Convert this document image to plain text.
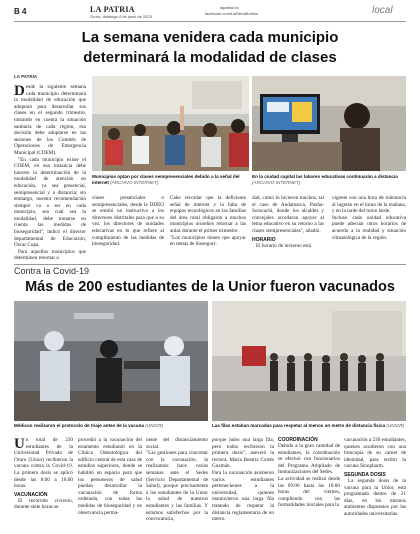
B 4	LA PATRIA
Oruro, domingo 4 de junio de 2023
lapatria.bo
facebook.com/LaPatriaBolivia	local
La semana venidera cada municipio
determinará la modalidad de clases
LA PATRIA
Desde la siguiente semana cada municipio determinará la modalidad de educación que adoptará para desarrollar sus clases en el segundo trimestre, tomando en cuenta la situación sanitaria de cada región, esa decisión debe adoptarse en las sesiones de los Comités de Operaciones de Emergencia Municipal (COEM).
"En cada municipio existe el COEM, en esa instancia debe hacerse la determinación de la modalidad de atención en educación, ya sea presencial, semipresencial y a distancia; sin embargo, nuestra recomendación siempre va a ser en cada municipio, sea cual sea la modalidad, debe tomarse en cuenta las medidas de bioseguridad", indicó el director departamental de Educación, Óscar Cupa.
Para aquellos municipios que determinen retornar a
Municipios optan por clases semipresenciales debido a la señal del internet (ARCHIVO INTERNET)
En la ciudad capital las labores educativas continuarán a distancia (ARCHIVO INTERNET)
clases presenciales o semipresenciales, desde la DDEO se emitió un instructivo a los directores distritales para que a su vez, los directores de unidades educativas en lo que refiere al cumplimiento de las medidas de bioseguridad.
Cabe recordar que la deficiente señal de internet y la falta de equipos tecnológicos en las familias del área rural obligaron a muchos municipios orureños retornar a las aulas durante el primer trimestre.
"Los municipios tienen que apoyar en temas de bioseguri-
dad, como lo hicieron muchos, tal el caso de Andamarca, Pazña-Soracachi, donde los alcaldes y concejales acordaron apoyar al tema educativo en su retorno a las clases semipresenciales", añadió.
HORARIO
El horario de invierno está
vigente con una hora de tolerancia al ingreso en el turno de la mañana, y en la tarde del turno tarde.
Incluso cada unidad educativa puede adecuar otros horarios de acuerdo a la realidad y situación climatológica de la región.
Contra la Covid-19
Más de 200 estudiantes de la Unior fueron vacunados
Médicos realizaron el protocolo de triaje antes de la vacuna (UNIOR)	Las filas estaban marcadas para respetar al menos un metro de distancia física (UNIOR)
Un total de 230 estudiantes de la Universidad Privada de Oruro (Unior) recibieron la vacuna contra la Covid-19. La primera dosis se aplicó desde las 8:00 a 16:00 horas.
VACUNACIÓN
El recorrido vivieron, durante siete horas se
procedió a la vacunación del estamento estudiantil en la Clínica Odontológica del edificio central de esta casa de estudios superiores, donde se habilitó un espacio para que los personeros de salud puedan desarrollar la vacunación de forma ordenada, con todas las medidas de bioseguridad y en observancia perma-
nente del distanciamiento social.
"Las gestiones para concretar con la vacunación, la realizamos hace varias semanas ante el Sedes (Servicio Departamental de Salud), porque precisamente a los estudiantes de la Unior la salud de nuestros estudiantes y las familias. Y estamos satisfechos por la convocatoria,
porque hubo una larga fila, pero todos recibieron la primera dosis", aseveró la rectora, María Beatriz Cortés Guzmán.
Para la vacunación asistieron varios estudiantes pertenecientes a la universidad, quienes mantuvieron una larga fila tratando de respetar la distancia reglamentaria de un metro.
COORDINACIÓN
Debido a la gran cantidad de estudiantes, la coordinación se efectuó con funcionarios del Programa Ampliado de Inmunizaciones del Sedes.
La actividad se realizó desde las 09:00 hasta las 16:00 horas del viernes, cumpliendo con las formalidades iniciales para la
vacunación a 230 estudiantes, quienes acudieron con una fotocopia de su carnet de identidad, para recibir la vacuna Sinopharm.
SEGUNDA DOSIS
La segunda dosis de la vacuna para la Unior, está programada dentro de 21 días, en los mismos ambientes dispuestos por las autoridades universitarias.
